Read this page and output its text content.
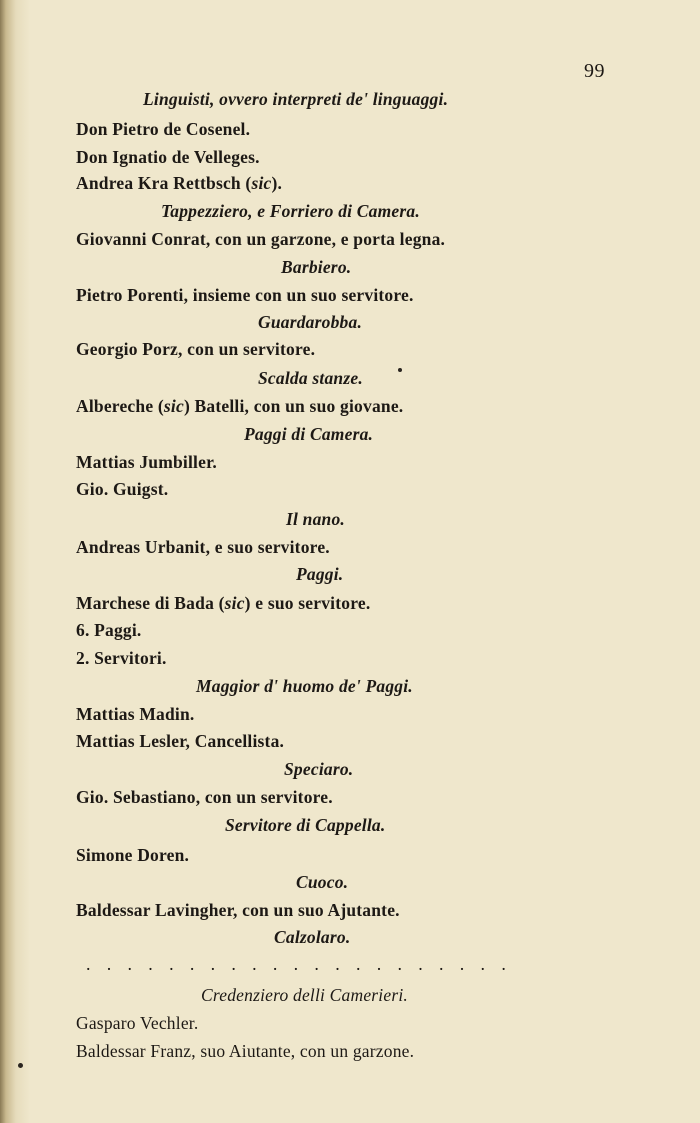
99
Linguisti, ovvero interpreti de' linguaggi.
Don Pietro de Cosenel.
Don Ignatio de Velleges.
Andrea Kra Rettbsch (sic).
Tappezziero, e Forriero di Camera.
Giovanni Conrat, con un garzone, e porta legna.
Barbiero.
Pietro Porenti, insieme con un suo servitore.
Guardarobba.
Georgio Porz, con un servitore.
Scalda stanze.
Albereche (sic) Batelli, con un suo giovane.
Paggi di Camera.
Mattias Jumbiller.
Gio. Guigst.
Il nano.
Andreas Urbanit, e suo servitore.
Paggi.
Marchese di Bada (sic) e suo servitore.
6. Paggi.
2. Servitori.
Maggior d' huomo de' Paggi.
Mattias Madin.
Mattias Lesler, Cancellista.
Speciaro.
Gio. Sebastiano, con un servitore.
Servitore di Cappella.
Simone Doren.
Cuoco.
Baldessar Lavingher, con un suo Ajutante.
Calzolaro.
. . . . . . . . . . . . . . . . . . . . .
Credenziero delli Camerieri.
Gasparo Vechler.
Baldessar Franz, suo Aiutante, con un garzone.
